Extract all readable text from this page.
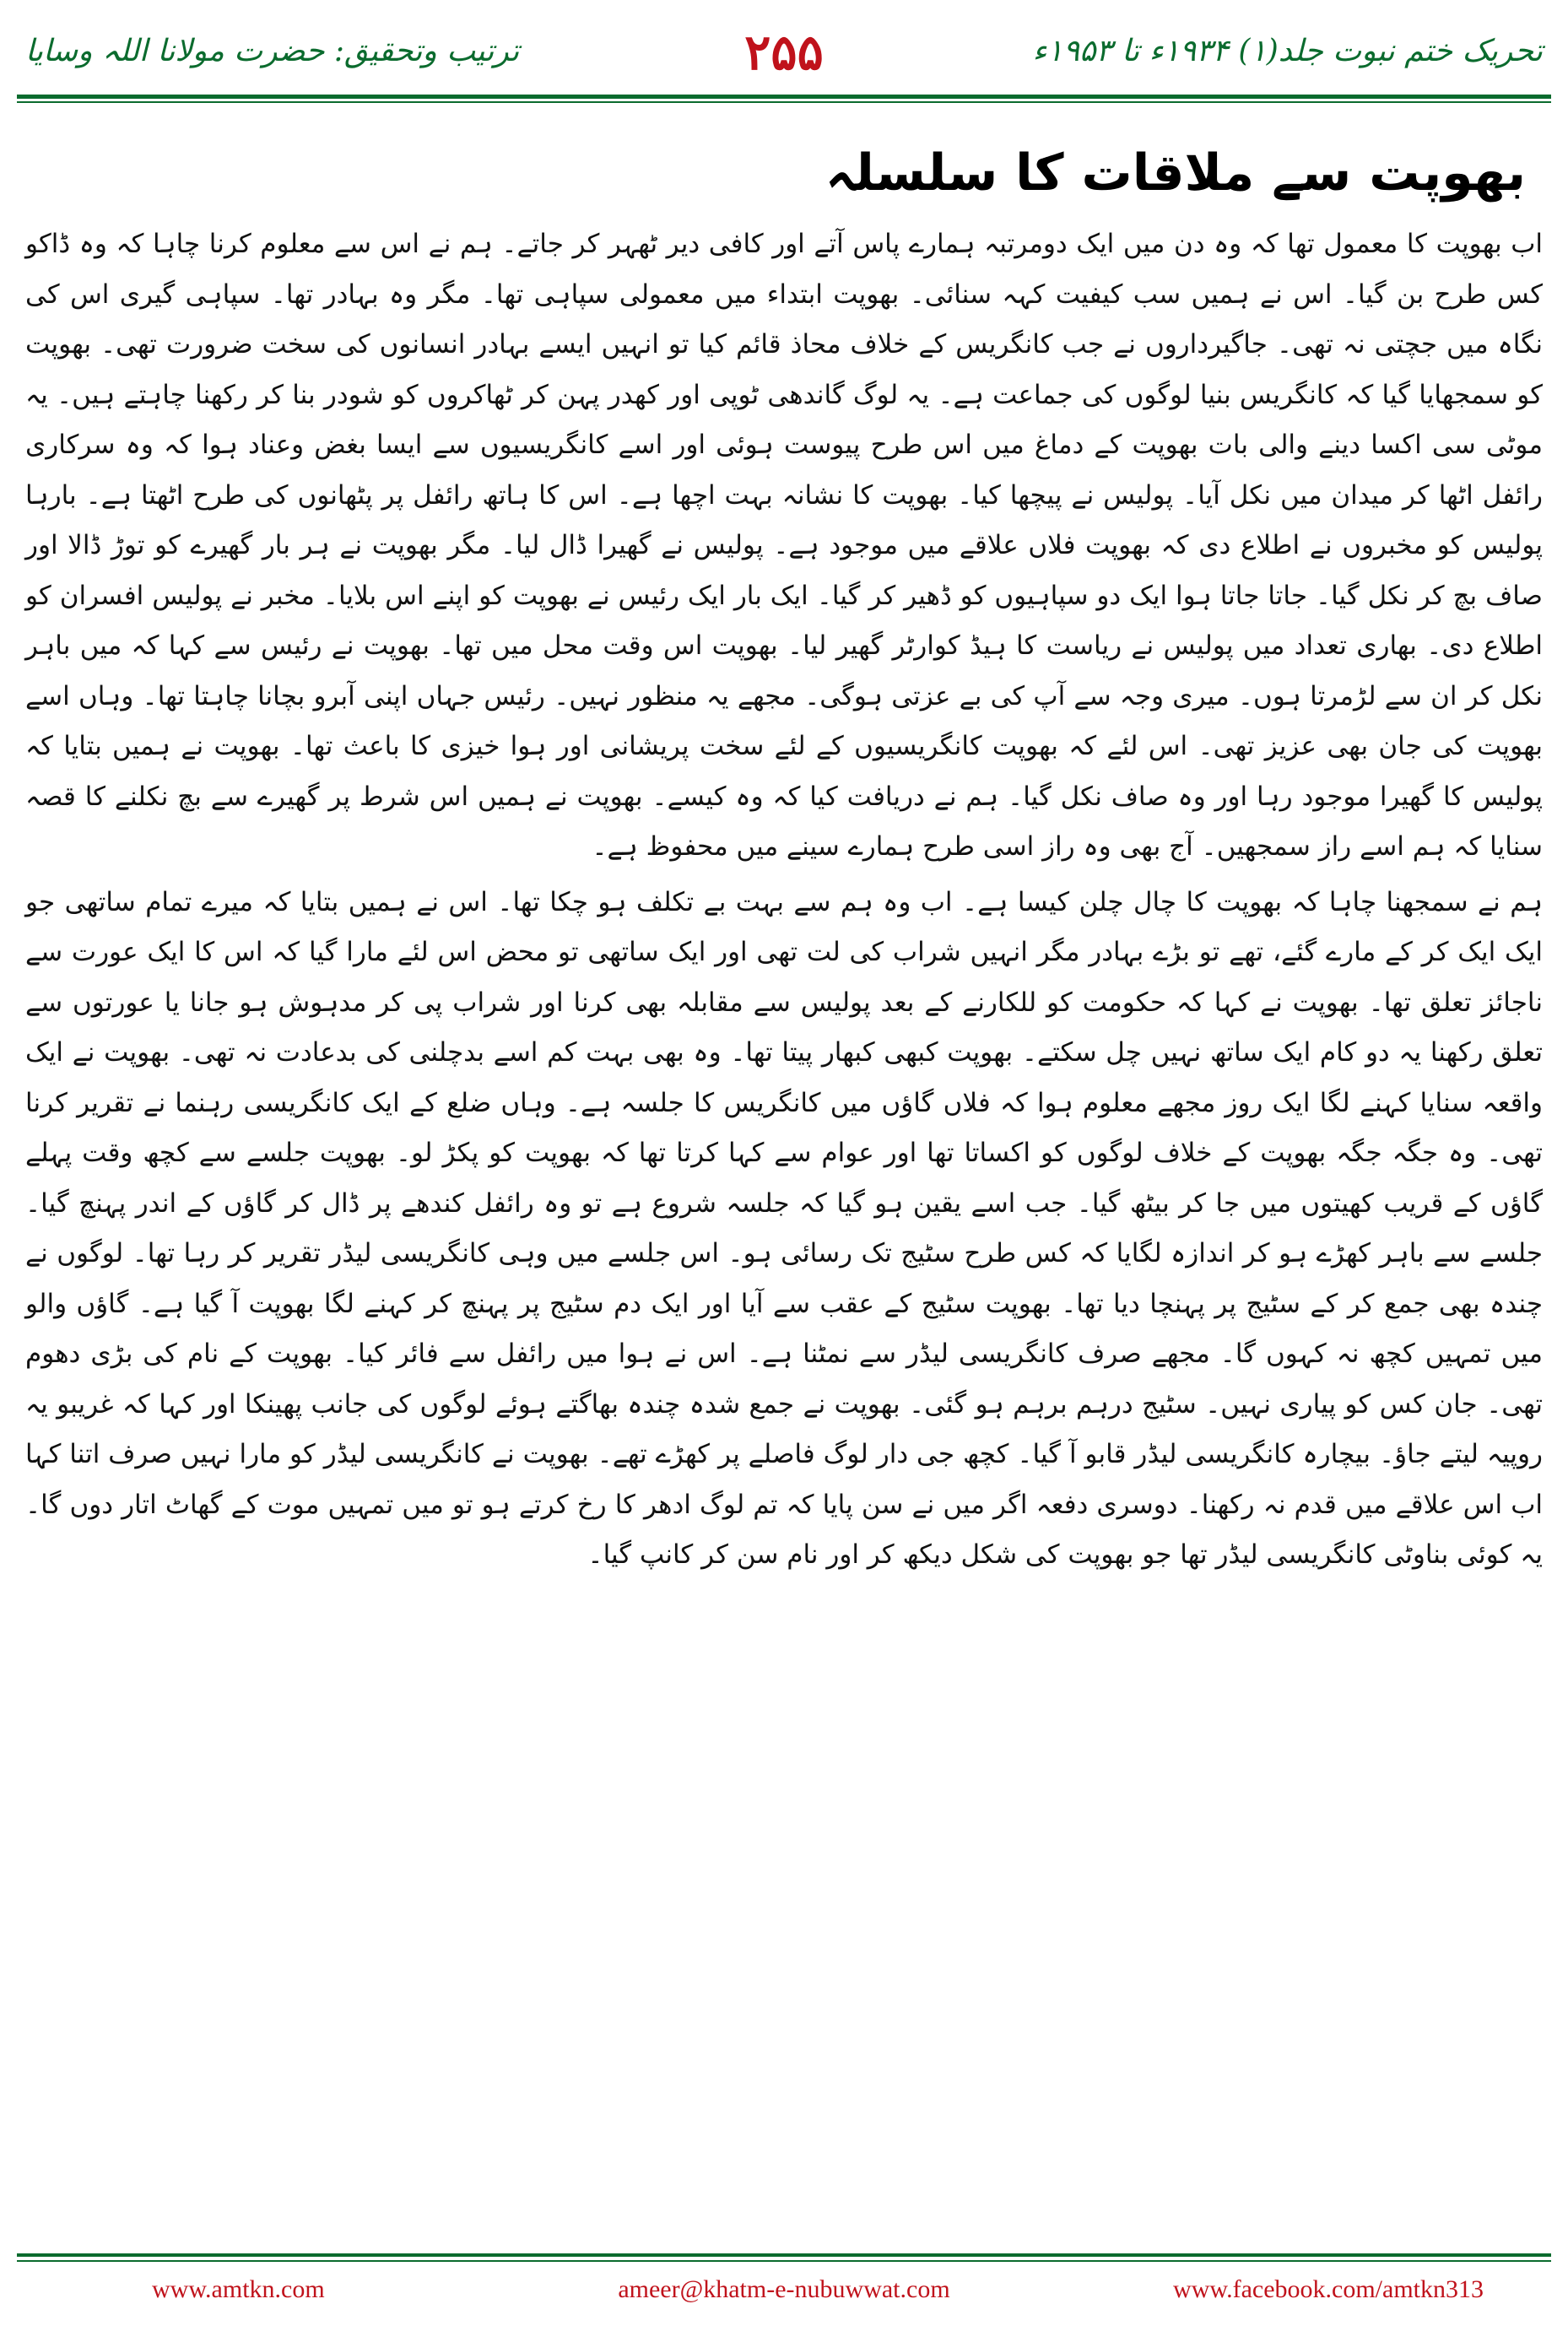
تحریک ختم نبوت جلد(۱) ۱۹۳۴ء تا ۱۹۵۳ء
۲۵۵
ترتیب وتحقیق: حضرت مولانا اللہ وسایا
بھوپت سے ملاقات کا سلسلہ

اب بھوپت کا معمول تھا کہ وہ دن میں ایک دومرتبہ ہمارے پاس آتے اور کافی دیر ٹھہر کر جاتے۔ ہم نے اس سے معلوم کرنا چاہا کہ وہ ڈاکو کس طرح بن گیا۔ اس نے ہمیں سب کیفیت کہہ سنائی۔ بھوپت ابتداء میں معمولی سپاہی تھا۔ مگر وہ بہادر تھا۔ سپاہی گیری اس کی نگاہ میں جچتی نہ تھی۔ جاگیرداروں نے جب کانگریس کے خلاف محاذ قائم کیا تو انہیں ایسے بہادر انسانوں کی سخت ضرورت تھی۔ بھوپت کو سمجھایا گیا کہ کانگریس بنیا لوگوں کی جماعت ہے۔ یہ لوگ گاندھی ٹوپی اور کھدر پہن کر ٹھاکروں کو شودر بنا کر رکھنا چاہتے ہیں۔ یہ موٹی سی اکسا دینے والی بات بھوپت کے دماغ میں اس طرح پیوست ہوئی اور اسے کانگریسیوں سے ایسا بغض وعناد ہوا کہ وہ سرکاری رائفل اٹھا کر میدان میں نکل آیا۔ پولیس نے پیچھا کیا۔ بھوپت کا نشانہ بہت اچھا ہے۔ اس کا ہاتھ رائفل پر پٹھانوں کی طرح اٹھتا ہے۔ بارہا پولیس کو مخبروں نے اطلاع دی کہ بھوپت فلاں علاقے میں موجود ہے۔ پولیس نے گھیرا ڈال لیا۔ مگر بھوپت نے ہر بار گھیرے کو توڑ ڈالا اور صاف بچ کر نکل گیا۔ جاتا جاتا ہوا ایک دو سپاہیوں کو ڈھیر کر گیا۔ ایک بار ایک رئیس نے بھوپت کو اپنے اس بلایا۔ مخبر نے پولیس افسران کو اطلاع دی۔ بھاری تعداد میں پولیس نے ریاست کا ہیڈ کوارٹر گھیر لیا۔ بھوپت اس وقت محل میں تھا۔ بھوپت نے رئیس سے کہا کہ میں باہر نکل کر ان سے لڑمرتا ہوں۔ میری وجہ سے آپ کی بے عزتی ہوگی۔ مجھے یہ منظور نہیں۔ رئیس جہاں اپنی آبرو بچانا چاہتا تھا۔ وہاں اسے بھوپت کی جان بھی عزیز تھی۔ اس لئے کہ بھوپت کانگریسیوں کے لئے سخت پریشانی اور ہوا خیزی کا باعث تھا۔ بھوپت نے ہمیں بتایا کہ پولیس کا گھیرا موجود رہا اور وہ صاف نکل گیا۔ ہم نے دریافت کیا کہ وہ کیسے۔ بھوپت نے ہمیں اس شرط پر گھیرے سے بچ نکلنے کا قصہ سنایا کہ ہم اسے راز سمجھیں۔ آج بھی وہ راز اسی طرح ہمارے سینے میں محفوظ ہے۔

ہم نے سمجھنا چاہا کہ بھوپت کا چال چلن کیسا ہے۔ اب وہ ہم سے بہت بے تکلف ہو چکا تھا۔ اس نے ہمیں بتایا کہ میرے تمام ساتھی جو ایک ایک کر کے مارے گئے، تھے تو بڑے بہادر مگر انہیں شراب کی لت تھی اور ایک ساتھی تو محض اس لئے مارا گیا کہ اس کا ایک عورت سے ناجائز تعلق تھا۔ بھوپت نے کہا کہ حکومت کو للکارنے کے بعد پولیس سے مقابلہ بھی کرنا اور شراب پی کر مدہوش ہو جانا یا عورتوں سے تعلق رکھنا یہ دو کام ایک ساتھ نہیں چل سکتے۔ بھوپت کبھی کبھار پیتا تھا۔ وہ بھی بہت کم اسے بدچلنی کی بدعادت نہ تھی۔ بھوپت نے ایک واقعہ سنایا کہنے لگا ایک روز مجھے معلوم ہوا کہ فلاں گاؤں میں کانگریس کا جلسہ ہے۔ وہاں ضلع کے ایک کانگریسی رہنما نے تقریر کرنا تھی۔ وہ جگہ جگہ بھوپت کے خلاف لوگوں کو اکساتا تھا اور عوام سے کہا کرتا تھا کہ بھوپت کو پکڑ لو۔ بھوپت جلسے سے کچھ وقت پہلے گاؤں کے قریب کھیتوں میں جا کر بیٹھ گیا۔ جب اسے یقین ہو گیا کہ جلسہ شروع ہے تو وہ رائفل کندھے پر ڈال کر گاؤں کے اندر پہنچ گیا۔ جلسے سے باہر کھڑے ہو کر اندازہ لگایا کہ کس طرح سٹیج تک رسائی ہو۔ اس جلسے میں وہی کانگریسی لیڈر تقریر کر رہا تھا۔ لوگوں نے چندہ بھی جمع کر کے سٹیج پر پہنچا دیا تھا۔ بھوپت سٹیج کے عقب سے آیا اور ایک دم سٹیج پر پہنچ کر کہنے لگا بھوپت آ گیا ہے۔ گاؤں والو میں تمہیں کچھ نہ کہوں گا۔ مجھے صرف کانگریسی لیڈر سے نمٹنا ہے۔ اس نے ہوا میں رائفل سے فائر کیا۔ بھوپت کے نام کی بڑی دھوم تھی۔ جان کس کو پیاری نہیں۔ سٹیج درہم برہم ہو گئی۔ بھوپت نے جمع شدہ چندہ بھاگتے ہوئے لوگوں کی جانب پھینکا اور کہا کہ غریبو یہ روپیہ لیتے جاؤ۔ بیچارہ کانگریسی لیڈر قابو آ گیا۔ کچھ جی دار لوگ فاصلے پر کھڑے تھے۔ بھوپت نے کانگریسی لیڈر کو مارا نہیں صرف اتنا کہا اب اس علاقے میں قدم نہ رکھنا۔ دوسری دفعہ اگر میں نے سن پایا کہ تم لوگ ادھر کا رخ کرتے ہو تو میں تمہیں موت کے گھاٹ اتار دوں گا۔ یہ کوئی بناوٹی کانگریسی لیڈر تھا جو بھوپت کی شکل دیکھ کر اور نام سن کر کانپ گیا۔

www.amtkn.com	ameer@khatm-e-nubuwwat.com	www.facebook.com/amtkn313
